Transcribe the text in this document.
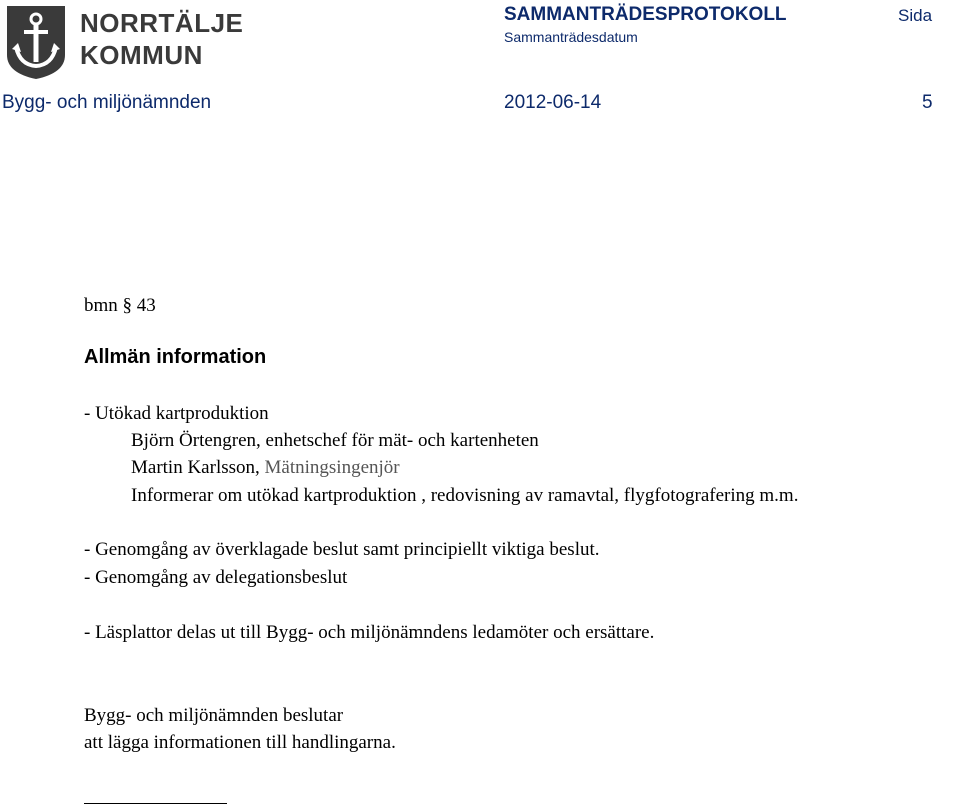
NORRTÄLJE
KOMMUN
SAMMANTRÄDESPROTOKOLL	Sida
Sammanträdesdatum
Bygg- och miljönämnden	2012-06-14	5
bmn § 43
Allmän information
- Utökad kartproduktion
Björn Örtengren, enhetschef för mät- och kartenheten
Martin Karlsson, Mätningsingenjör
Informerar om utökad kartproduktion , redovisning av ramavtal, flygfotografering m.m.
- Genomgång av överklagade beslut samt principiellt viktiga beslut.
- Genomgång av delegationsbeslut
- Läsplattor delas ut till Bygg- och miljönämndens ledamöter och ersättare.
Bygg- och miljönämnden beslutar
att lägga informationen till handlingarna.
